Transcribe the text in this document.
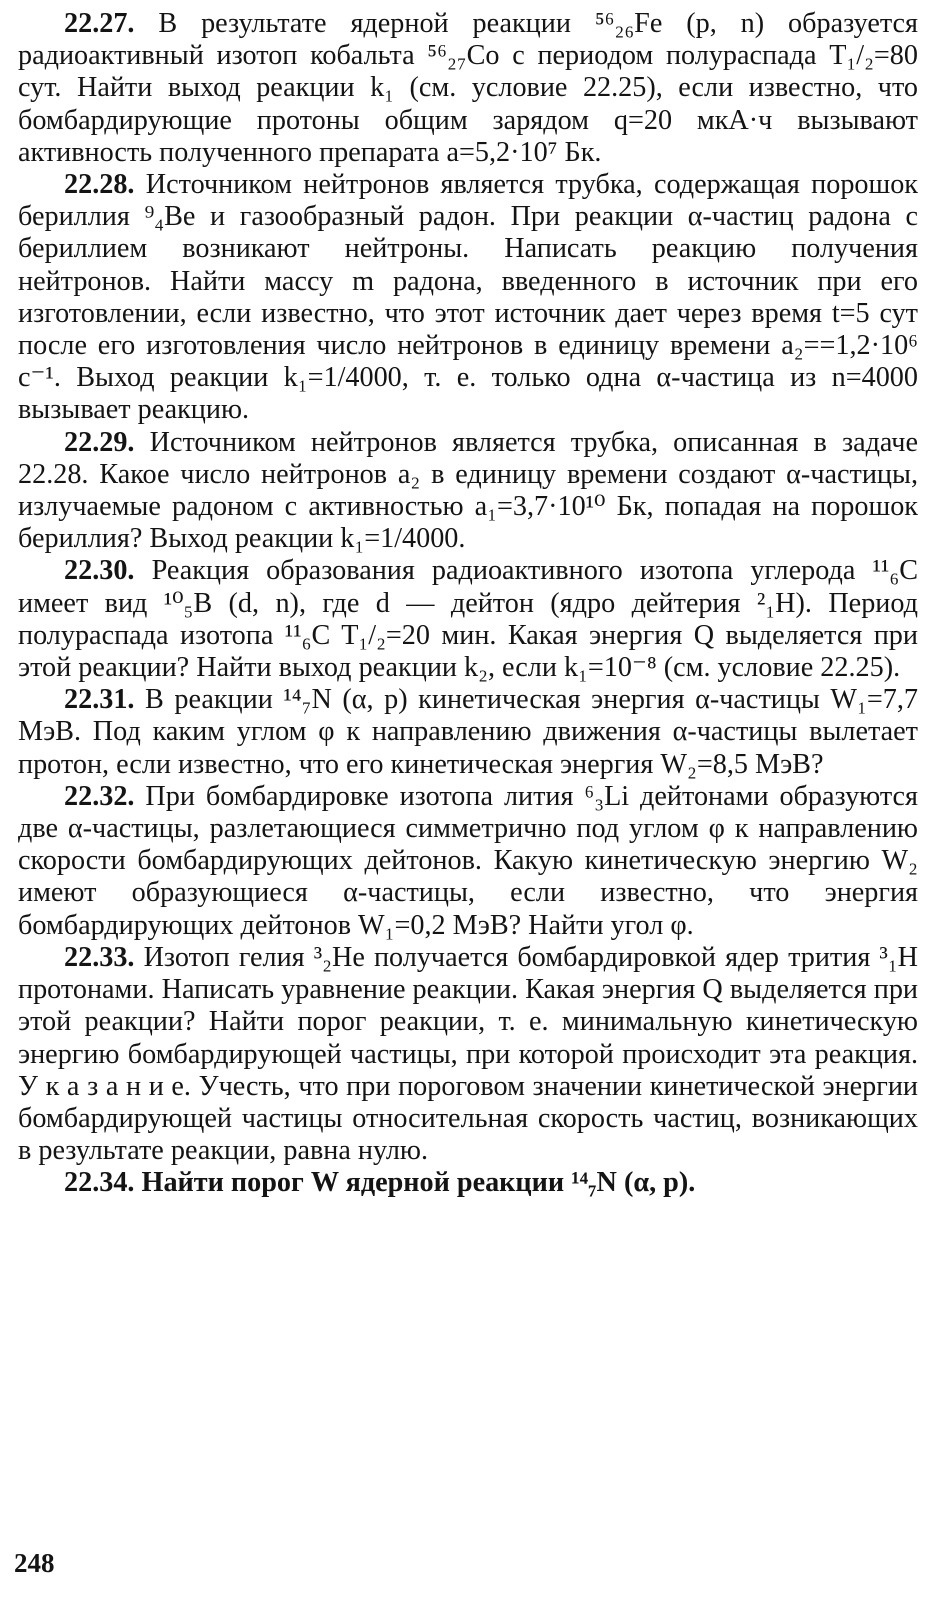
22.27. В результате ядерной реакции ⁵⁶₂₆Fe (p, n) образуется радиоактивный изотоп кобальта ⁵⁶₂₇Co с периодом полураспада T₁/₂=80 сут. Найти выход реакции k₁ (см. условие 22.25), если известно, что бомбардирующие протоны общим зарядом q=20 мкА·ч вызывают активность полученного препарата a=5,2·10⁷ Бк.

22.28. Источником нейтронов является трубка, содержащая порошок бериллия ⁹₄Be и газообразный радон. При реакции α-частиц радона с бериллием возникают нейтроны. Написать реакцию получения нейтронов. Найти массу m радона, введенного в источник при его изготовлении, если известно, что этот источник дает через время t=5 сут после его изготовления число нейтронов в единицу времени a₂==1,2·10⁶ с⁻¹. Выход реакции k₁=1/4000, т. е. только одна α-частица из n=4000 вызывает реакцию.

22.29. Источником нейтронов является трубка, описанная в задаче 22.28. Какое число нейтронов a₂ в единицу времени создают α-частицы, излучаемые радоном с активностью a₁=3,7·10¹⁰ Бк, попадая на порошок бериллия? Выход реакции k₁=1/4000.

22.30. Реакция образования радиоактивного изотопа углерода ¹¹₆C имеет вид ¹⁰₅B (d, n), где d — дейтон (ядро дейтерия ²₁H). Период полураспада изотопа ¹¹₆C T₁/₂=20 мин. Какая энергия Q выделяется при этой реакции? Найти выход реакции k₂, если k₁=10⁻⁸ (см. условие 22.25).

22.31. В реакции ¹⁴₇N (α, p) кинетическая энергия α-частицы W₁=7,7 МэВ. Под каким углом φ к направлению движения α-частицы вылетает протон, если известно, что его кинетическая энергия W₂=8,5 МэВ?

22.32. При бомбардировке изотопа лития ⁶₃Li дейтонами образуются две α-частицы, разлетающиеся симметрично под углом φ к направлению скорости бомбардирующих дейтонов. Какую кинетическую энергию W₂ имеют образующиеся α-частицы, если известно, что энергия бомбардирующих дейтонов W₁=0,2 МэВ? Найти угол φ.

22.33. Изотоп гелия ³₂He получается бомбардировкой ядер трития ³₁H протонами. Написать уравнение реакции. Какая энергия Q выделяется при этой реакции? Найти порог реакции, т. е. минимальную кинетическую энергию бомбардирующей частицы, при которой происходит эта реакция. У к а з а н и е. Учесть, что при пороговом значении кинетической энергии бомбардирующей частицы относительная скорость частиц, возникающих в результате реакции, равна нулю.

22.34. Найти порог W ядерной реакции ¹⁴₇N (α, p).

248
